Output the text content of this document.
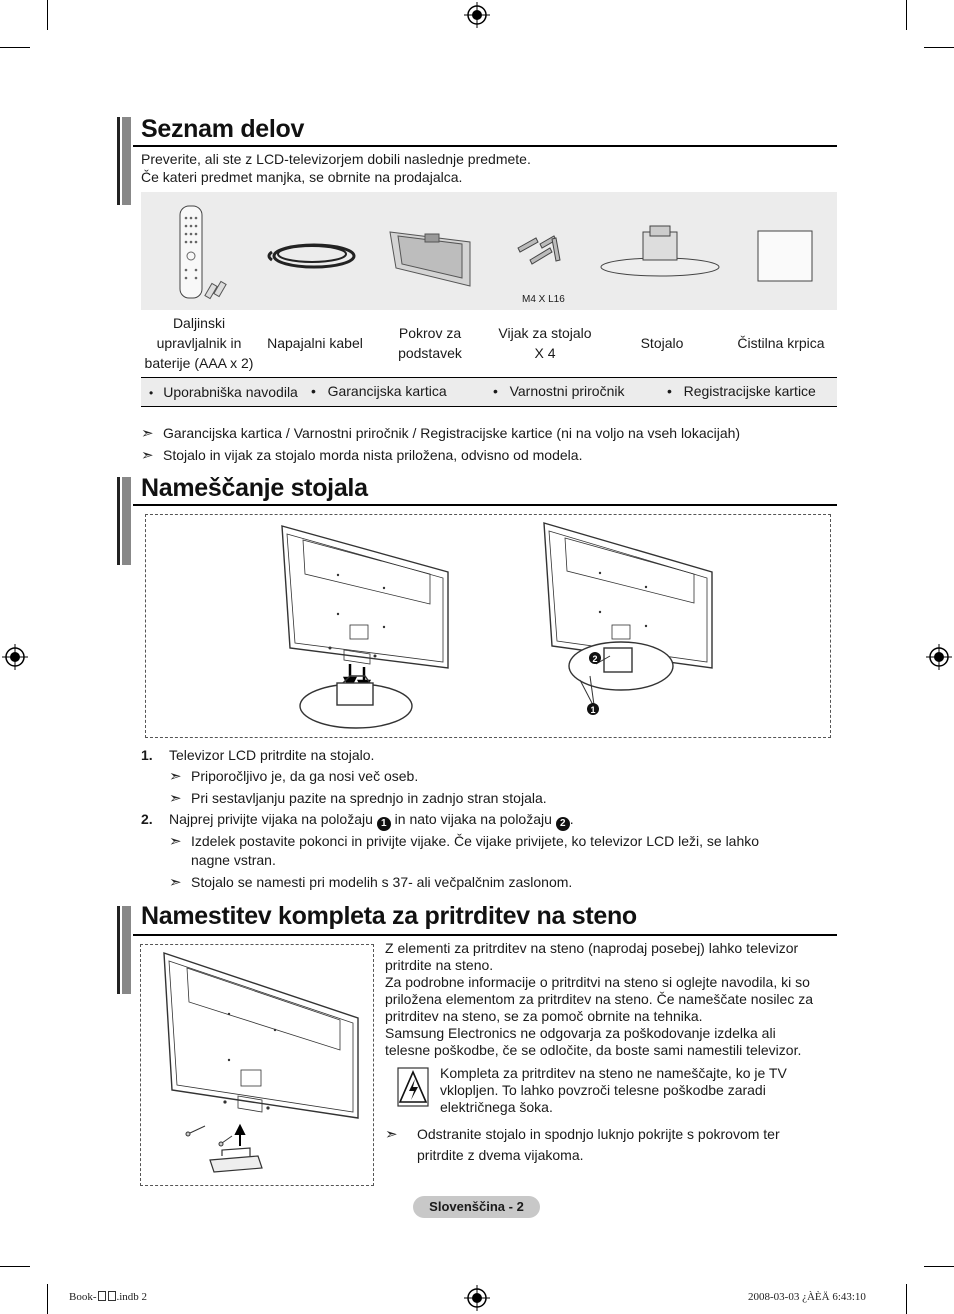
Seznam delov
Preverite, ali ste z LCD-televizorjem dobili naslednje predmete.
Če kateri predmet manjka, se obrnite na prodajalca.
M4 X L16
Daljinski
upravljalnik in
baterije (AAA x 2)
Napajalni kabel
Pokrov za
podstavek
Vijak za stojalo
X 4
Stojalo	Čistilna krpica
•   Uporabniška navodila •   Garancijska kartica	•   Varnostni priročnik	•   Registracijske kartice
➣ Garancijska kartica / Varnostni priročnik / Registracijske kartice (ni na voljo na vseh lokacijah)
➣ Stojalo in vijak za stojalo morda nista priložena, odvisno od modela.
Nameščanje stojala
1
2
1. Televizor LCD pritrdite na stojalo.
➣ Priporočljivo je, da ga nosi več oseb.
➣ Pri sestavljanju pazite na sprednjo in zadnjo stran stojala.
2. Najprej privijte vijaka na položaju 1 in nato vijaka na položaju 2 .
➣ Izdelek postavite pokonci in privijte vijake. Če vijake privijete, ko televizor LCD leži, se lahko
nagne vstran.
➣ Stojalo se namesti pri modelih s 37- ali večpalčnim zaslonom.
Namestitev kompleta za pritrditev na steno
Z elementi za pritrditev na steno (naprodaj posebej) lahko televizor
pritrdite na steno.
Za podrobne informacije o pritrditvi na steno si oglejte navodila, ki so
priložena elementom za pritrditev na steno. Če nameščate nosilec za
pritrditev na steno, se za pomoč obrnite na tehnika.
Samsung Electronics ne odgovarja za poškodovanje izdelka ali
telesne poškodbe, če se odločite, da boste sami namestili televizor.
Kompleta za pritrditev na steno ne nameščajte, ko je TV
vklopljen. To lahko povzroči telesne poškodbe zaradi
električnega šoka.
➣ Odstranite stojalo in spodnjo luknjo pokrijte s pokrovom ter
pritrdite z dvema vijakoma.
Slovenščina - 2
Book- .indb 2	2008-03-03 ¿ÀÈÄ 6:43:10
